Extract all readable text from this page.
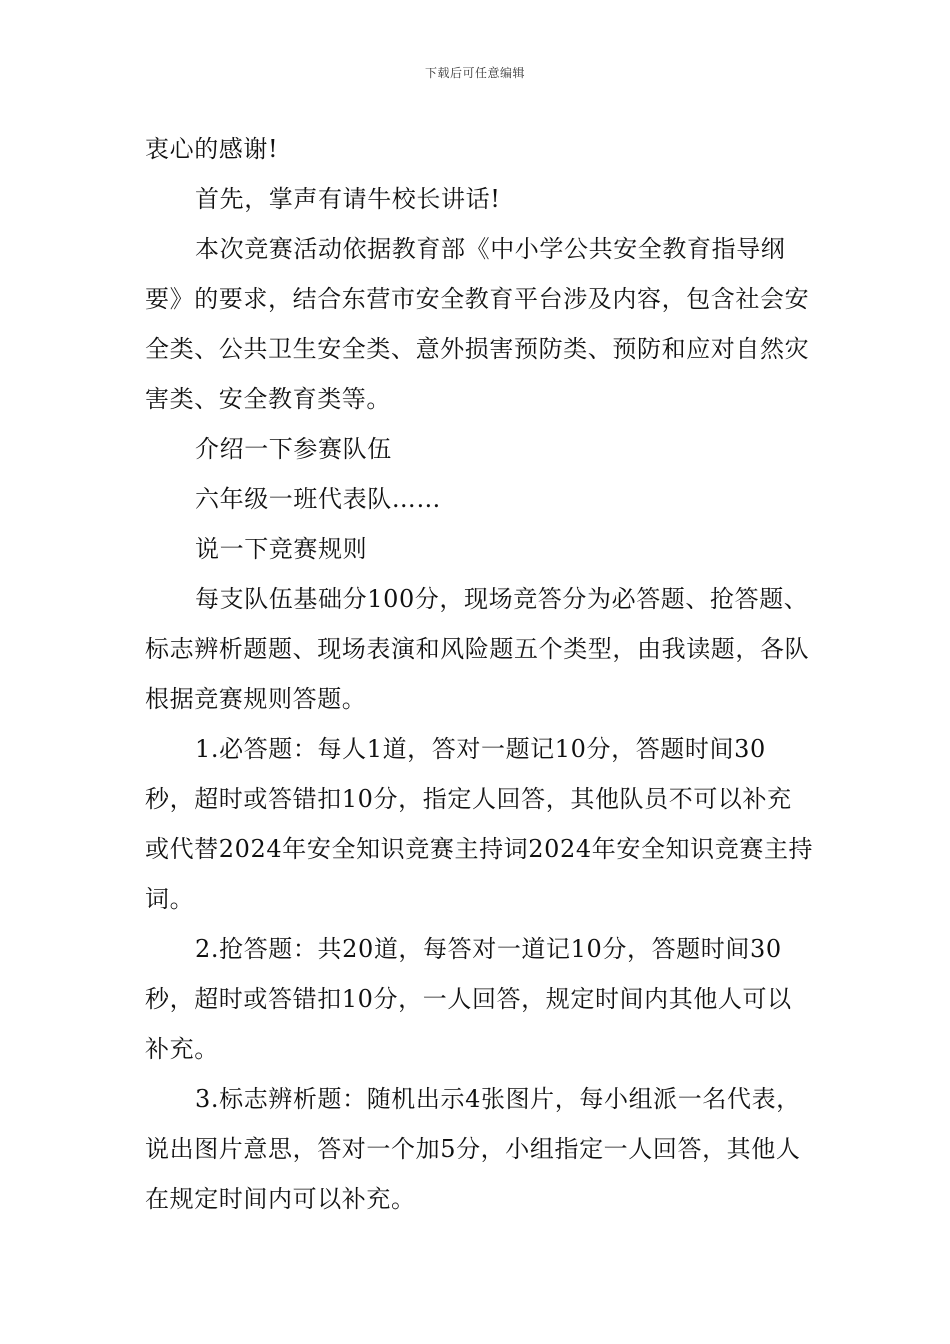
下载后可任意编辑

衷心的感谢!

首先，掌声有请牛校长讲话!

本次竞赛活动依据教育部《中小学公共安全教育指导纲要》的要求，结合东营市安全教育平台涉及内容，包含社会安全类、公共卫生安全类、意外损害预防类、预防和应对自然灾害类、安全教育类等。

介绍一下参赛队伍

六年级一班代表队……

说一下竞赛规则

每支队伍基础分100分，现场竞答分为必答题、抢答题、标志辨析题题、现场表演和风险题五个类型，由我读题，各队根据竞赛规则答题。

1.必答题：每人1道，答对一题记10分，答题时间30秒，超时或答错扣10分，指定人回答，其他队员不可以补充或代替2024年安全知识竞赛主持词2024年安全知识竞赛主持词。

2.抢答题：共20道，每答对一道记10分，答题时间30秒，超时或答错扣10分，一人回答，规定时间内其他人可以补充。

3.标志辨析题：随机出示4张图片，每小组派一名代表，说出图片意思，答对一个加5分，小组指定一人回答，其他人在规定时间内可以补充。
